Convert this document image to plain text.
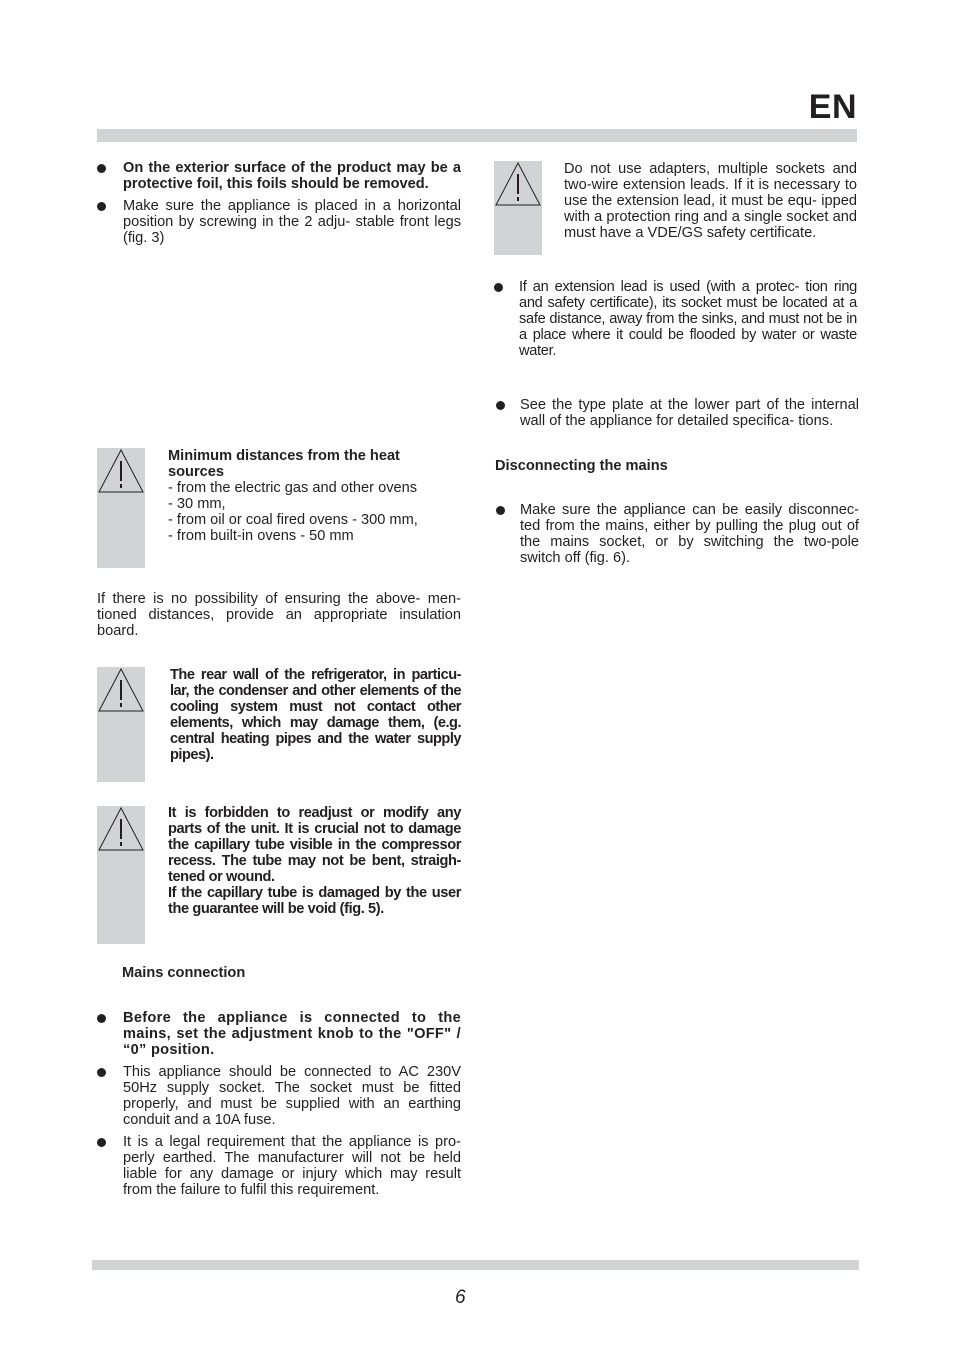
EN
On the exterior surface of the product may be a protective foil, this foils should be removed.
Make sure the appliance is placed in a horizontal position by screwing in the 2 adju- stable front legs (fig. 3)
Minimum distances from the heat sources
- from the electric gas and other ovens - 30 mm,
- from oil or coal fired ovens - 300 mm,
- from built-in ovens - 50 mm
If there is no possibility of ensuring the above- men- tioned distances, provide an appropriate insulation board.
The rear wall of the refrigerator, in particu- lar, the condenser and other elements of the cooling system must not contact other elements, which may damage them, (e.g. central heating pipes and the water supply pipes).
It is forbidden to readjust or modify any parts of the unit. It is crucial not to damage the capillary tube visible in the compressor recess. The tube may not be bent, straigh- tened or wound.
If the capillary tube is damaged by the user the guarantee will be void (fig. 5).
Mains connection
Before the appliance is connected to the mains, set the adjustment knob to the "OFF" / “0” position.
This appliance should be connected to AC 230V 50Hz supply socket. The socket must be fitted properly, and must be supplied with an earthing conduit and a 10A fuse.
It is a legal requirement that the appliance is pro- perly earthed. The manufacturer will not be held liable for any damage or injury which may result from the failure to fulfil this requirement.
Do not use adapters, multiple sockets and two-wire extension leads. If it is necessary to use the extension lead, it must be equ- ipped with a protection ring and a single socket and must have a VDE/GS safety certificate.
If an extension lead is used (with a protec- tion ring and safety certificate), its socket must be located at a safe distance, away from the sinks, and must not be in a place where it could be flooded by water or waste water.
See the type plate at the lower part of the internal wall of the appliance for detailed specifica- tions.
Disconnecting the mains
Make sure the appliance can be easily disconnec- ted from the mains, either by pulling the plug out of the mains socket, or by switching the two-pole switch off (fig. 6).
6
